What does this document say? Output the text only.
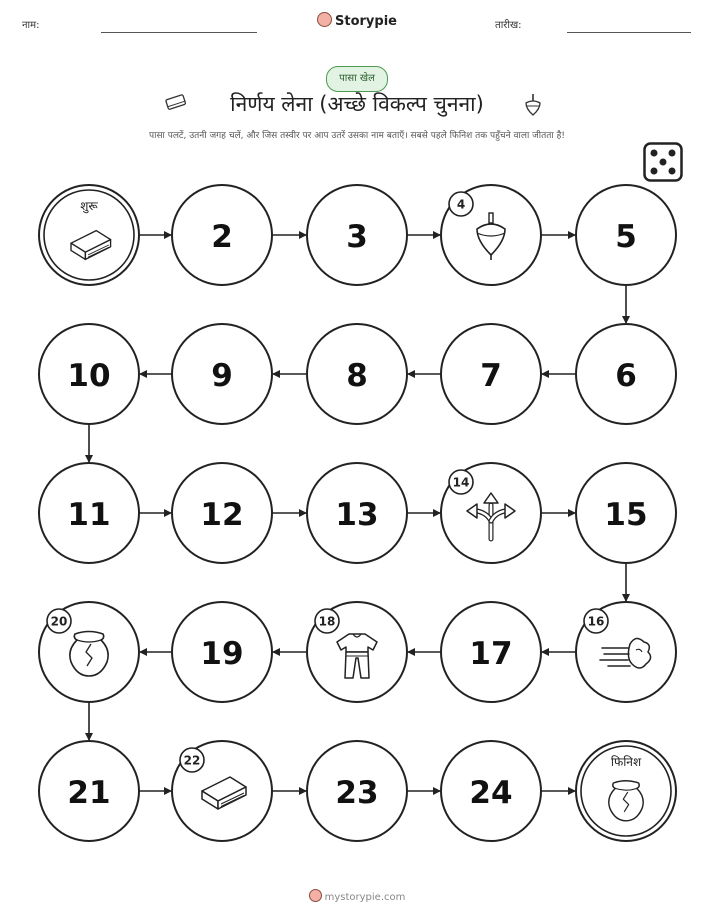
नाम:	Storypie	तारीख:
पासा खेल
निर्णय लेना (अच्छे विकल्प चुनना)
पासा पलटें, उतनी जगह चलें, और जिस तस्वीर पर आप उतरें उसका नाम बताएँ। सबसे पहले फिनिश तक पहुँचने वाला जीतता है!
शुरू
2	3
4
5
6
7
8
9
10
11	12	13
14
15
16
17
18
19
20
21
22
23	24
फिनिश
mystorypie.com
